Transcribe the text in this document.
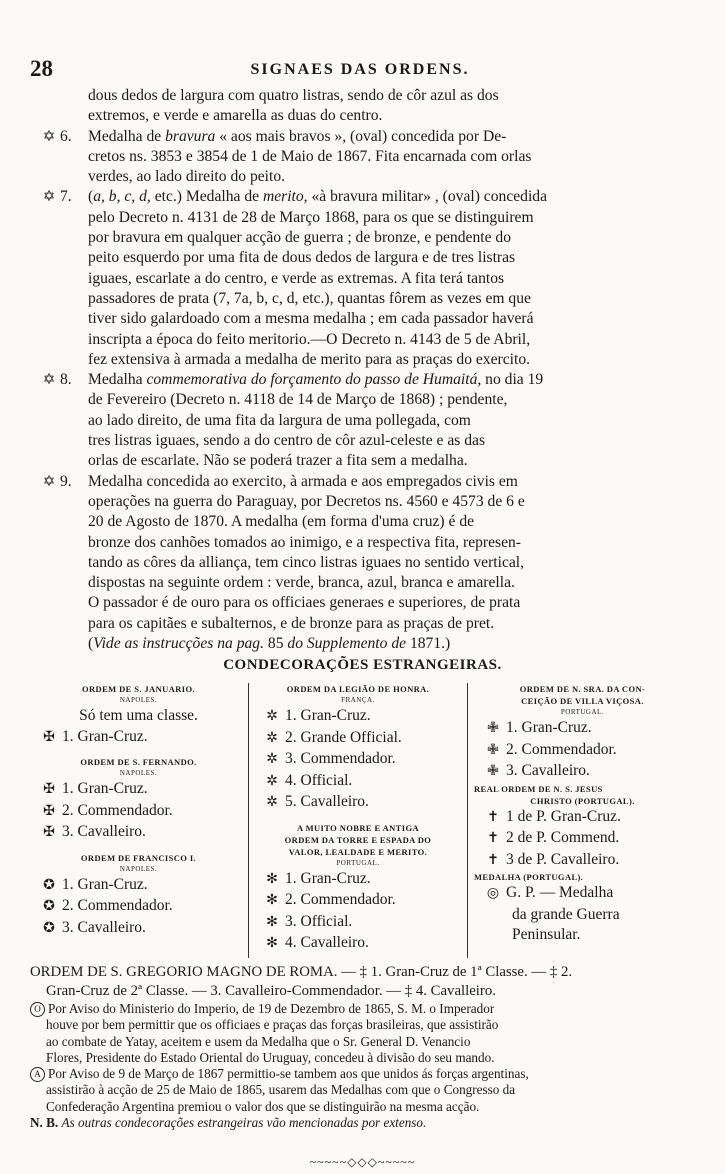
28	SIGNAES DAS ORDENS.
dous dedos de largura com quatro listras, sendo de côr azul as dos
extremos, e verde e amarella as duas do centro.
✡ 6. Medalha de bravura « aos mais bravos », (oval) concedida por De-
cretos ns. 3853 e 3854 de 1 de Maio de 1867. Fita encarnada com orlas
verdes, ao lado direito do peito.
✡ 7. (a, b, c, d, etc.) Medalha de merito, «à bravura militar» , (oval) concedida
pelo Decreto n. 4131 de 28 de Março 1868, para os que se distinguirem
por bravura em qualquer acção de guerra ; de bronze, e pendente do
peito esquerdo por uma fita de dous dedos de largura e de tres listras
iguaes, escarlate a do centro, e verde as extremas. A fita terá tantos
passadores de prata (7, 7a, b, c, d, etc.), quantas fôrem as vezes em que
tiver sido galardoado com a mesma medalha ; em cada passador haverá
inscripta a época do feito meritorio.—O Decreto n. 4143 de 5 de Abril,
fez extensiva à armada a medalha de merito para as praças do exercito.
✡ 8. Medalha commemorativa do forçamento do passo de Humaitá, no dia 19
de Fevereiro (Decreto n. 4118 de 14 de Março de 1868) ; pendente,
ao lado direito, de uma fita da largura de uma pollegada, com
tres listras iguaes, sendo a do centro de côr azul-celeste e as das
orlas de escarlate. Não se poderá trazer a fita sem a medalha.
✡ 9. Medalha concedida ao exercito, à armada e aos empregados civis em
operações na guerra do Paraguay, por Decretos ns. 4560 e 4573 de 6 e
20 de Agosto de 1870. A medalha (em forma d'uma cruz) é de
bronze dos canhões tomados ao inimigo, e a respectiva fita, represen-
tando as côres da alliança, tem cinco listras iguaes no sentido vertical,
dispostas na seguinte ordem : verde, branca, azul, branca e amarella.
O passador é de ouro para os officiaes generaes e superiores, de prata
para os capitães e subalternos, e de bronze para as praças de pret.
(Vide as instrucções na pag. 85 do Supplemento de 1871.)
CONDECORAÇÕES ESTRANGEIRAS.
ORDEM DE S. JANUARIO.
NAPOLES.
Só tem uma classe.
✠ 1. Gran-Cruz.
ORDEM DE S. FERNANDO.
NAPOLES.
✠ 1. Gran-Cruz.
✠ 2. Commendador.
✠ 3. Cavalleiro.
ORDEM DE FRANCISCO I.
NAPOLES.
✪ 1. Gran-Cruz.
✪ 2. Commendador.
✪ 3. Cavalleiro.
ORDEM DA LEGIÃO DE HONRA.
FRANÇA.
✲ 1. Gran-Cruz.
✲ 2. Grande Official.
✲ 3. Commendador.
✲ 4. Official.
✲ 5. Cavalleiro.
A MUITO NOBRE E ANTIGA
ORDEM DA TORRE E ESPADA DO
VALOR, LEALDADE E MERITO.
PORTUGAL.
✻ 1. Gran-Cruz.
✻ 2. Commendador.
✻ 3. Official.
✻ 4. Cavalleiro.
ORDEM DE N. SRA. DA CON-
CEIÇÃO DE VILLA VIÇOSA.
PORTUGAL.
✙ 1. Gran-Cruz.
✙ 2. Commendador.
✙ 3. Cavalleiro.
REAL ORDEM DE N. S. JESUS
CHRISTO (PORTUGAL).
✝ 1 de P. Gran-Cruz.
✝ 2 de P. Commend.
✝ 3 de P. Cavalleiro.
MEDALHA (PORTUGAL).
◎ G. P. — Medalha
da grande Guerra
Peninsular.
ORDEM DE S. GREGORIO MAGNO DE ROMA. — ‡ 1. Gran-Cruz de 1ª Classe. — ‡ 2.
Gran-Cruz de 2ª Classe. — 3. Cavalleiro-Commendador. — ‡ 4. Cavalleiro.
O Por Aviso do Ministerio do Imperio, de 19 de Dezembro de 1865, S. M. o Imperador
houve por bem permittir que os officiaes e praças das forças brasileiras, que assistirão
ao combate de Yatay, aceitem e usem da Medalha que o Sr. General D. Venancio
Flores, Presidente do Estado Oriental do Uruguay, concedeu à divisão do seu mando.
A Por Aviso de 9 de Março de 1867 permittio-se tambem aos que unidos ás forças argentinas,
assistirão à acção de 25 de Maio de 1865, usarem das Medalhas com que o Congresso da
Confederação Argentina premiou o valor dos que se distinguirão na mesma acção.
N. B. As outras condecorações estrangeiras vão mencionadas por extenso.
~~~~~◇◇◇~~~~~
